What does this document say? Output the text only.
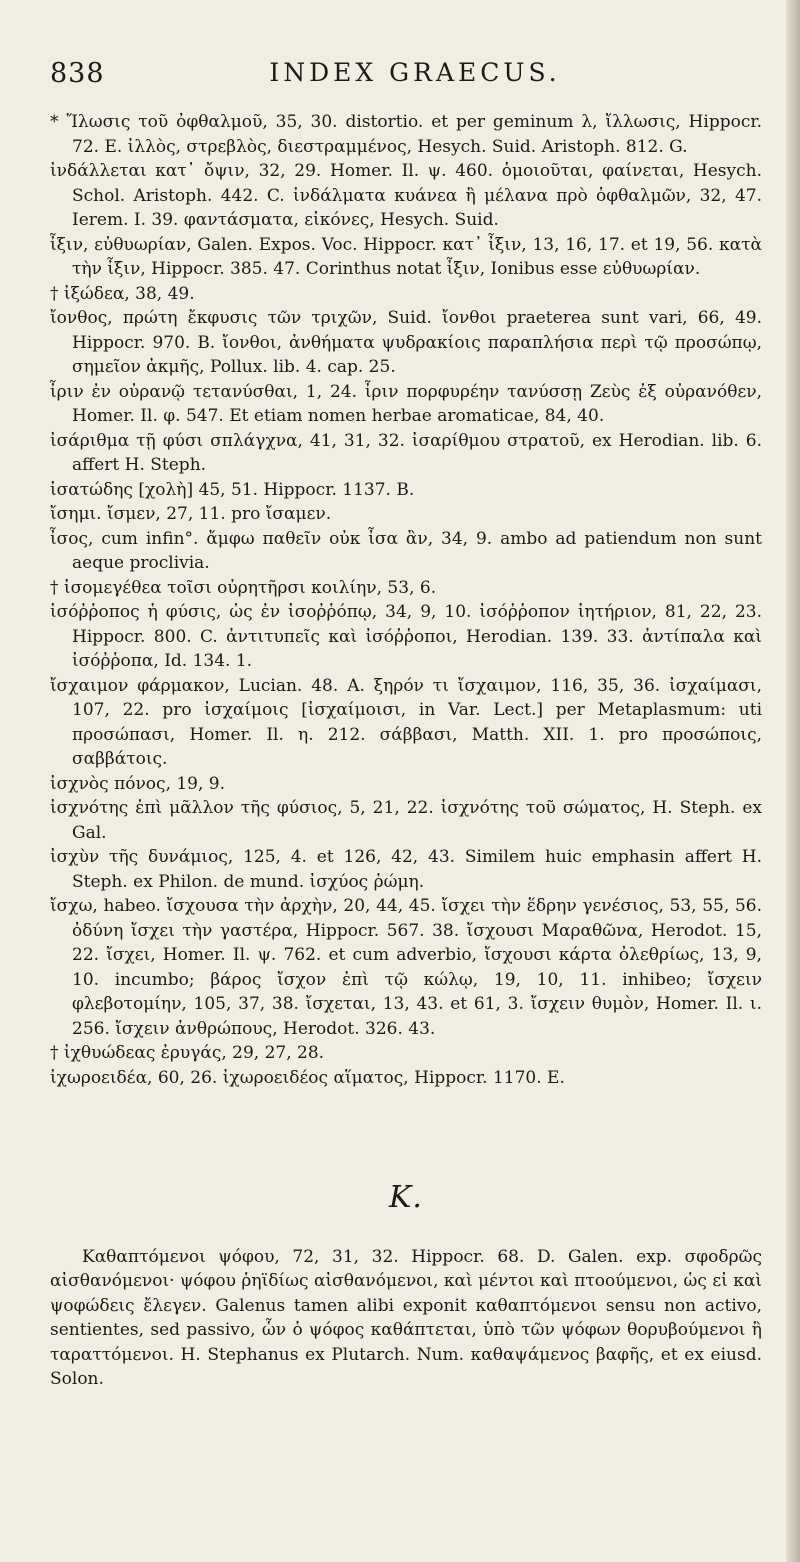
838	INDEX GRAECUS.

* Ἴλωσις τοῦ ὀφθαλμοῦ, 35, 30. distortio. et per geminum λ, ἴλλωσις, Hippocr. 72. E. ἰλλὸς, στρεβλὸς, διεστραμμένος, Hesych. Suid. Aristoph. 812. G.

ἰνδάλλεται κατ᾽ ὄψιν, 32, 29. Homer. Il. ψ. 460. ὁμοιοῦται, φαίνεται, Hesych. Schol. Aristoph. 442. C. ἰνδάλματα κυάνεα ἢ μέλανα πρὸ ὀφθαλμῶν, 32, 47. Ierem. I. 39. φαντάσματα, εἰκόνες, Hesych. Suid.

ἶξιν, εὐθυωρίαν, Galen. Expos. Voc. Hippocr. κατ᾽ ἶξιν, 13, 16, 17. et 19, 56. κατὰ τὴν ἶξιν, Hippocr. 385. 47. Corinthus notat ἶξιν, Ionibus esse εὐθυωρίαν.

† ἰξώδεα, 38, 49.

ἴονθος, πρώτη ἔκφυσις τῶν τριχῶν, Suid. ἴονθοι praeterea sunt vari, 66, 49. Hippocr. 970. B. ἴονθοι, ἀνθήματα ψυδρακίοις παραπλήσια περὶ τῷ προσώπῳ, σημεῖον ἀκμῆς, Pollux. lib. 4. cap. 25.

ἶριν ἐν οὐρανῷ τετανύσθαι, 1, 24. ἶριν πορφυρέην τανύσσῃ Ζεὺς ἐξ οὐρανόθεν, Homer. Il. φ. 547. Et etiam nomen herbae aromaticae, 84, 40.

ἰσάριθμα τῇ φύσι σπλάγχνα, 41, 31, 32. ἰσαρίθμου στρατοῦ, ex Herodian. lib. 6. affert H. Steph.

ἰσατώδης [χολὴ] 45, 51. Hippocr. 1137. B.

ἴσημι. ἴσμεν, 27, 11. pro ἴσαμεν.

ἶσος, cum infin°. ἄμφω παθεῖν οὐκ ἶσα ἂν, 34, 9. ambo ad patiendum non sunt aeque proclivia.

† ἰσομεγέθεα τοῖσι οὐρητῆρσι κοιλίην, 53, 6.

ἰσόῤῥοπος ἡ φύσις, ὡς ἐν ἰσοῤῥόπῳ, 34, 9, 10. ἰσόῤῥοπον ἰητήριον, 81, 22, 23. Hippocr. 800. C. ἀντιτυπεῖς καὶ ἰσόῤῥοποι, Herodian. 139. 33. ἀντίπαλα καὶ ἰσόῤῥοπα, Id. 134. 1.

ἴσχαιμον φάρμακον, Lucian. 48. A. ξηρόν τι ἴσχαιμον, 116, 35, 36. ἰσχαίμασι, 107, 22. pro ἰσχαίμοις [ἰσχαίμοισι, in Var. Lect.] per Metaplasmum: uti προσώπασι, Homer. Il. η. 212. σάββασι, Matth. XII. 1. pro προσώποις, σαββάτοις.

ἰσχνὸς πόνος, 19, 9.

ἰσχνότης ἐπὶ μᾶλλον τῆς φύσιος, 5, 21, 22. ἰσχνότης τοῦ σώματος, H. Steph. ex Gal.

ἰσχὺν τῆς δυνάμιος, 125, 4. et 126, 42, 43. Similem huic emphasin affert H. Steph. ex Philon. de mund. ἰσχύος ῥώμη.

ἴσχω, habeo. ἴσχουσα τὴν ἀρχὴν, 20, 44, 45. ἴσχει τὴν ἕδρην γενέσιος, 53, 55, 56. ὀδύνη ἴσχει τὴν γαστέρα, Hippocr. 567. 38. ἴσχουσι Μαραθῶνα, Herodot. 15, 22. ἴσχει, Homer. Il. ψ. 762. et cum adverbio, ἴσχουσι κάρτα ὀλεθρίως, 13, 9, 10. incumbo; βάρος ἴσχον ἐπὶ τῷ κώλῳ, 19, 10, 11. inhibeo; ἴσχειν φλεβοτομίην, 105, 37, 38. ἴσχεται, 13, 43. et 61, 3. ἴσχειν θυμὸν, Homer. Il. ι. 256. ἴσχειν ἀνθρώπους, Herodot. 326. 43.

† ἰχθυώδεας ἐρυγάς, 29, 27, 28.

ἰχωροειδέα, 60, 26. ἰχωροειδέος αἵματος, Hippocr. 1170. E.

K.

Καθαπτόμενοι ψόφου, 72, 31, 32. Hippocr. 68. D. Galen. exp. σφοδρῶς αἰσθανόμενοι· ψόφου ῥηϊδίως αἰσθανόμενοι, καὶ μέντοι καὶ πτοούμενοι, ὡς εἰ καὶ ψοφώδεις ἔλεγεν. Galenus tamen alibi exponit καθαπτόμενοι sensu non activo, sentientes, sed passivo, ὧν ὁ ψόφος καθάπτεται, ὑπὸ τῶν ψόφων θορυβούμενοι ἢ ταραττόμενοι. H. Stephanus ex Plutarch. Num. καθαψάμενος βαφῆς, et ex eiusd. Solon.
